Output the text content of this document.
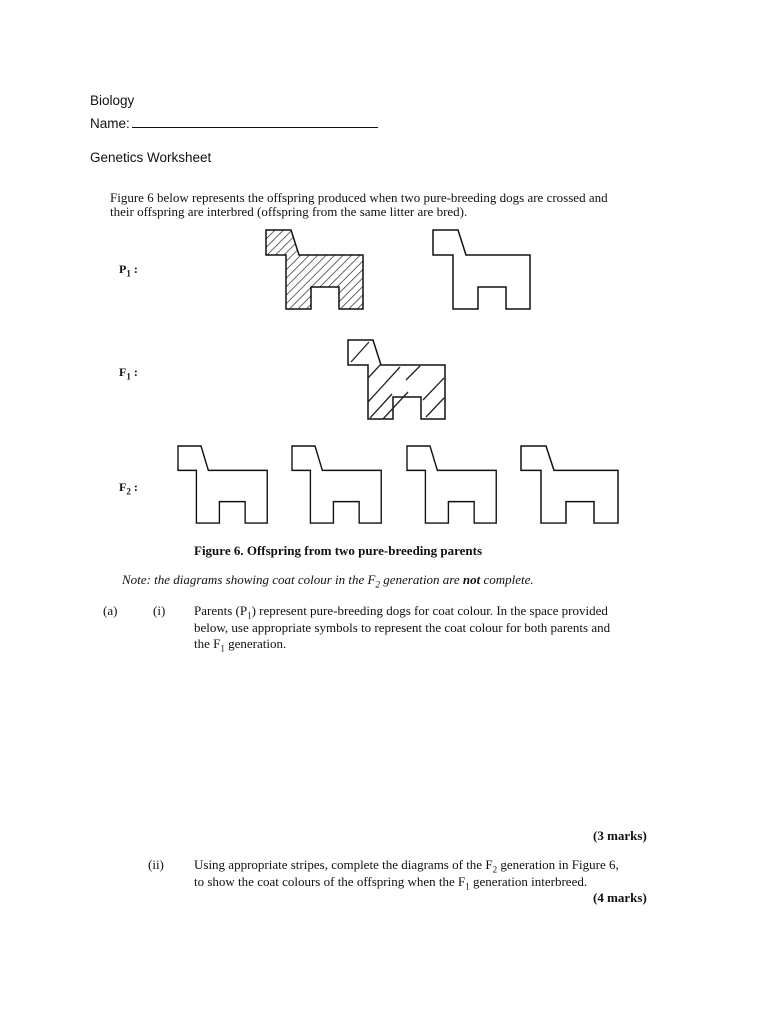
Biology
Name:
Genetics Worksheet
Figure 6 below represents the offspring produced when two pure-breeding dogs are crossed and
their offspring are interbred (offspring from the same litter are bred).
$P_1$ :
$F_1$ :
$F_2$ :
Figure 6. Offspring from two pure-breeding parents
Note: the diagrams showing coat colour in the $F_2$ generation are not complete.
(a)	(i) Parents $(P_1)$ represent pure-breeding dogs for coat colour. In the space provided
below, use appropriate symbols to represent the coat colour for both parents and
the $F_1$ generation.
(3 marks)
(ii) Using appropriate stripes, complete the diagrams of the $F_2$ generation in Figure 6,
to show the coat colours of the offspring when the $F_1$ generation interbreed.
(4 marks)
